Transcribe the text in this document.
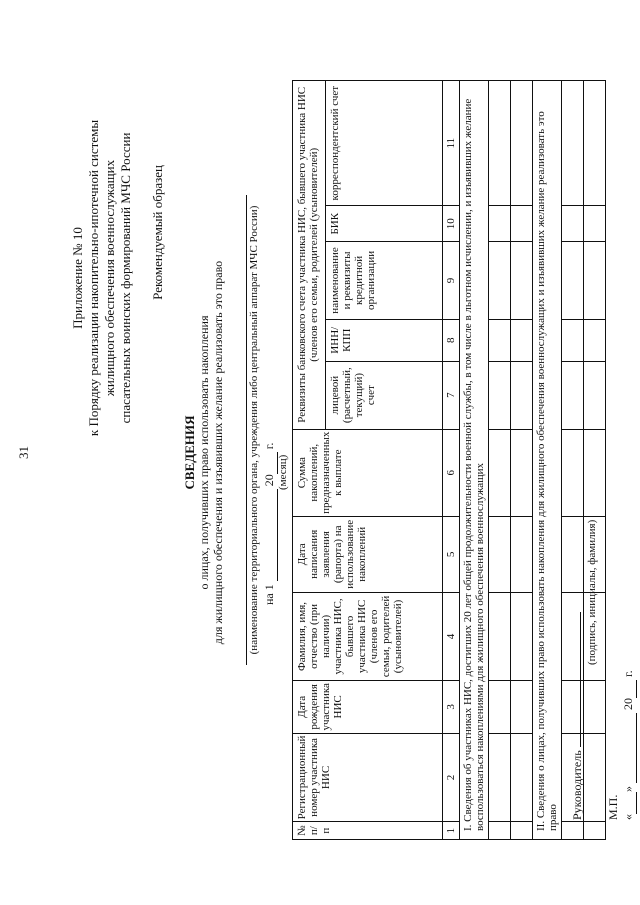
31
Приложение № 10 к Порядку реализации накопительно-ипотечной системы жилищного обеспечения военнослужащих спасательных воинских формирований МЧС России Рекомендуемый образец
СВЕДЕНИЯ о лицах, получивших право использовать накопления для жилищного обеспечения и изъявивших желание реализовать это право (наименование территориального органа, учреждения либо центральный аппарат МЧС России) на 1   20  г.
(месяц)
№ п/п	Регистрационный номер участника НИС	Дата рождения участника НИС	Фамилия, имя, отчество (при наличии) участника НИС, бывшего участника НИС (членов его семьи, родителей (усыновителей)	Дата написания заявления (рапорта) на использование накоплений	Сумма накоплений, предназначенных к выплате	Реквизиты банковского счета участника НИС, бывшего участника НИС (членов его семьи, родителей (усыновителей)				
						лицевой (расчетный, текущий) счет	ИНН/КПП	наименование и реквизиты кредитной организации	БИК	корреспондентский счет
1	2	3	4	5	6	7	8	9	10	11
I. Сведения об участниках НИС, достигших 20 лет общей продолжительности военной службы, в том числе в льготном исчислении, и изъявивших желание воспользоваться накоплениями для жилищного обеспечения военнослужащих										

II. Сведения о лицах, получивших право использовать накопления для жилищного обеспечения военнослужащих и изъявивших желание реализовать это право										

										Руководитель
(подпись, инициалы, фамилия)
М.П.
« »   20  г.
